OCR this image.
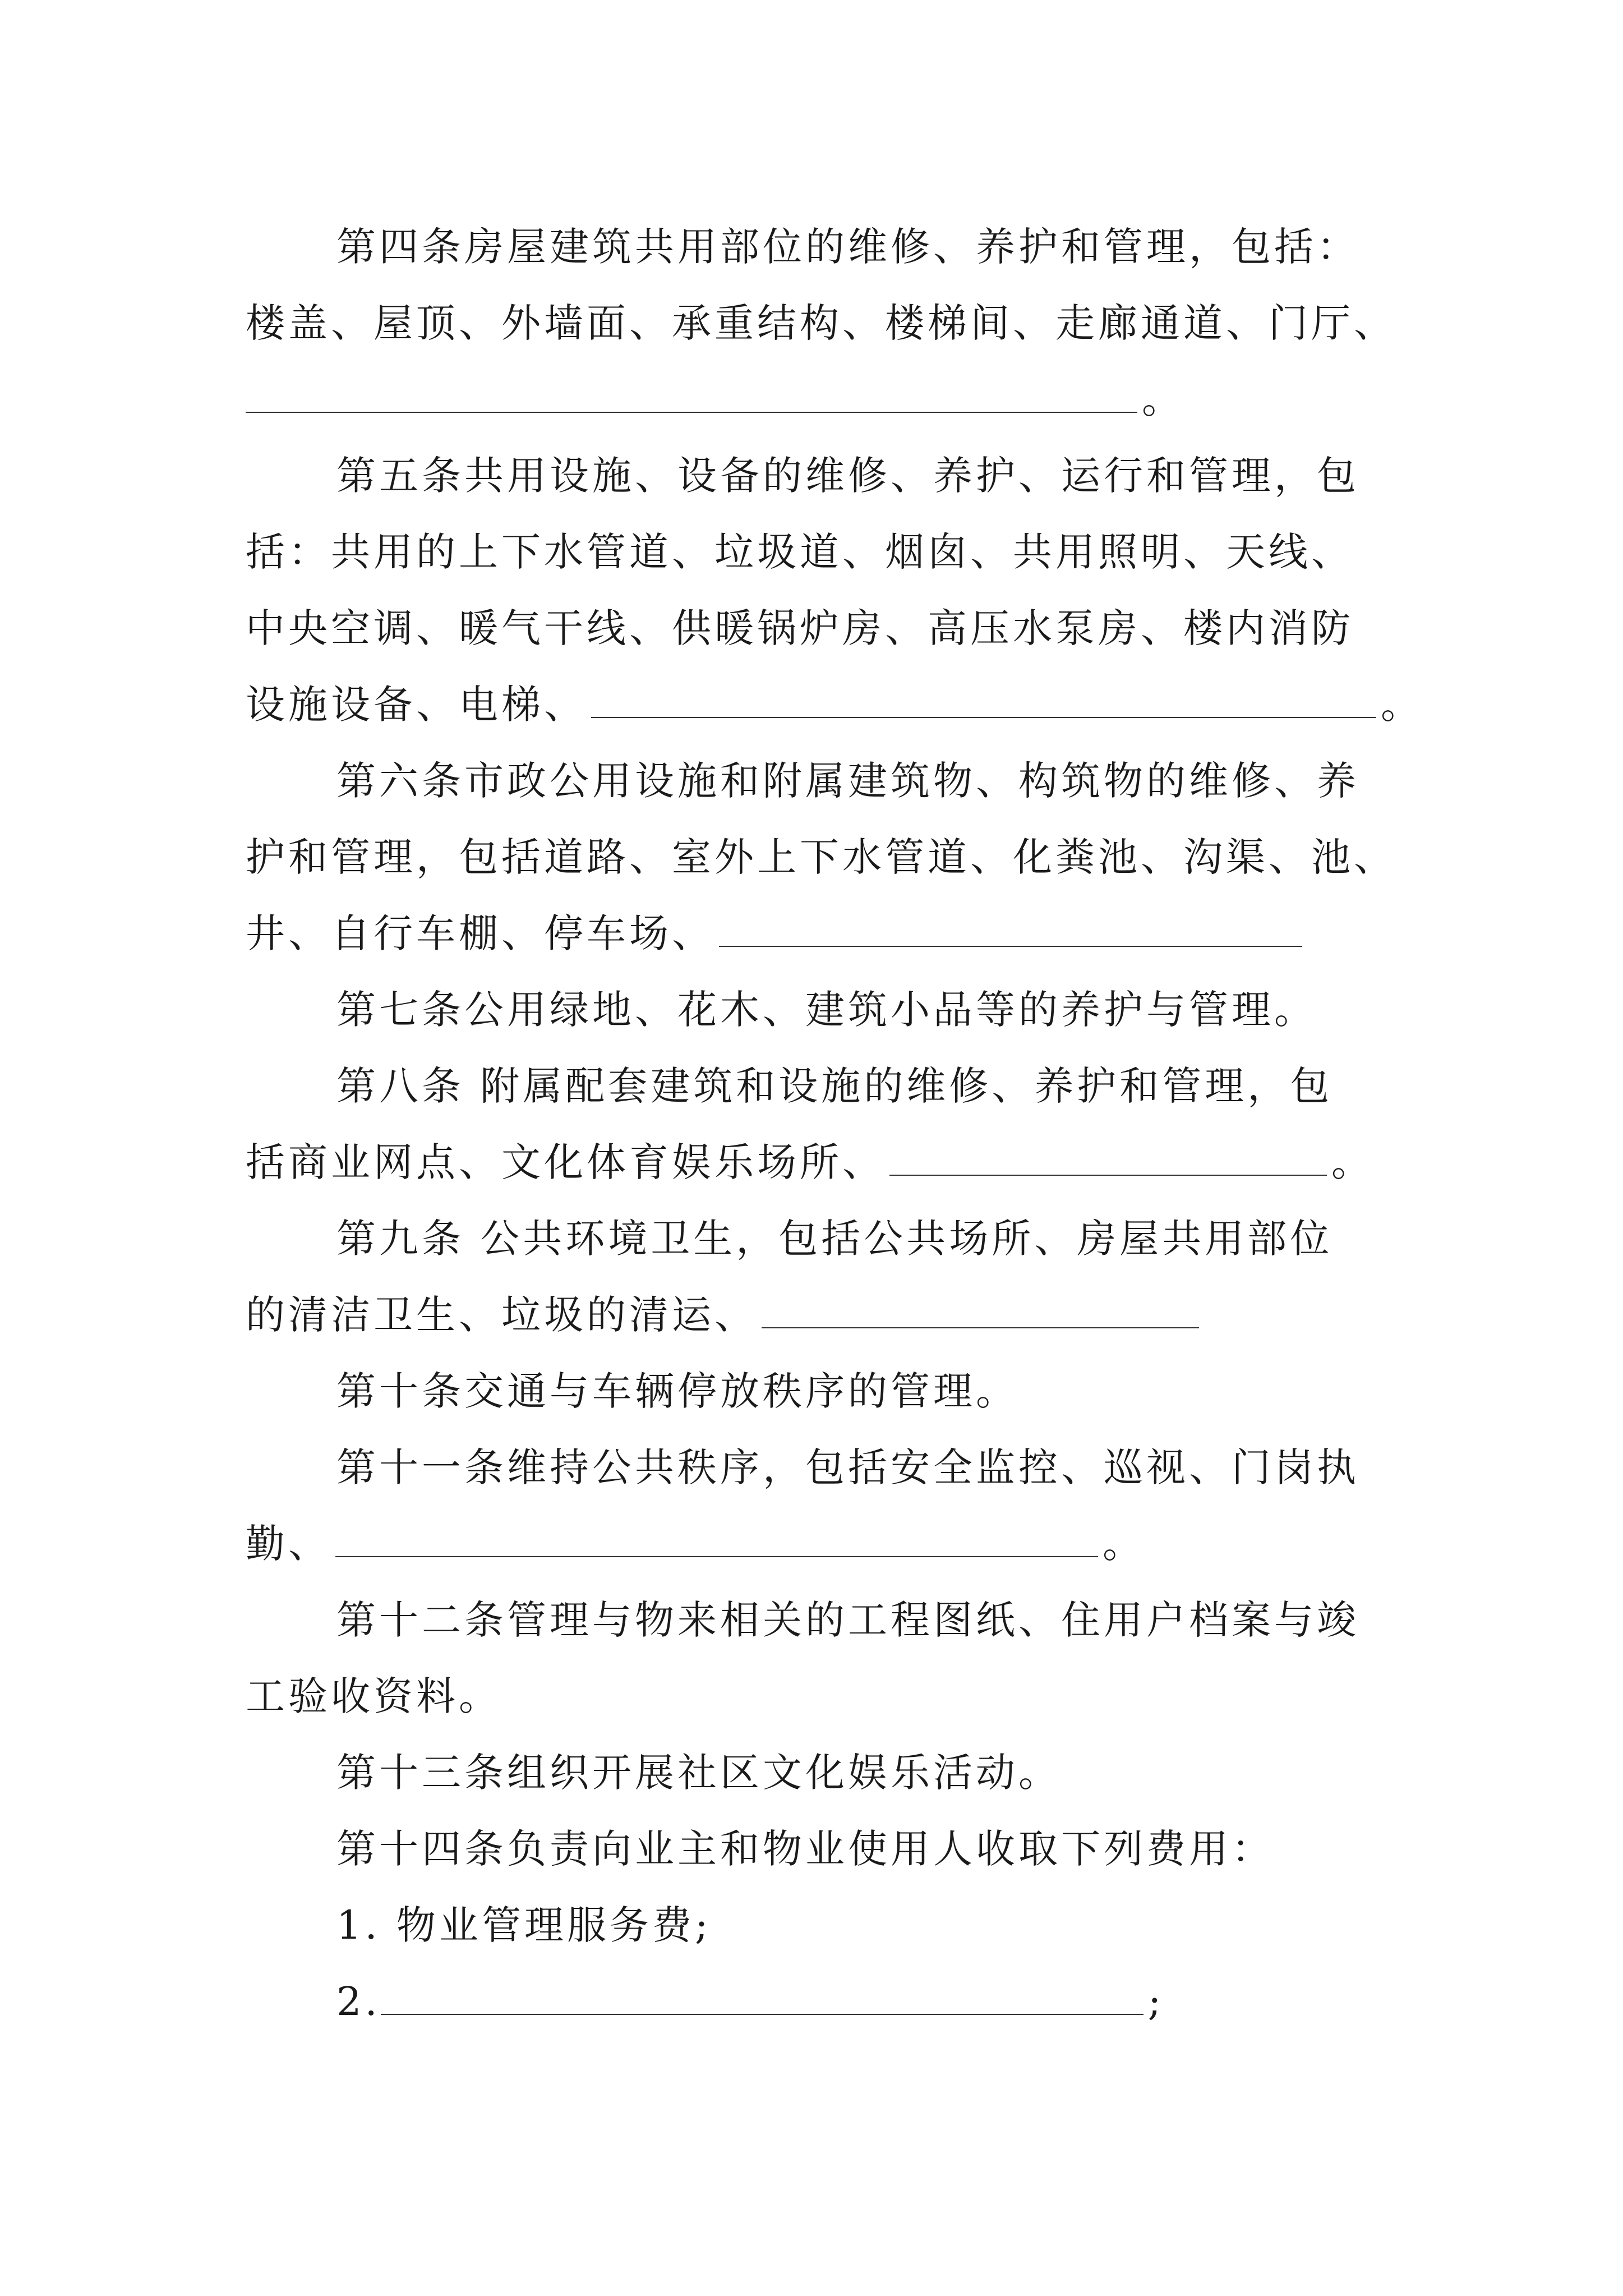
第四条房屋建筑共用部位的维修、养护和管理，包括：
楼盖、屋顶、外墙面、承重结构、楼梯间、走廊通道、门厅、
。
第五条共用设施、设备的维修、养护、运行和管理，包
括：共用的上下水管道、垃圾道、烟囱、共用照明、天线、
中央空调、暖气干线、供暖锅炉房、高压水泵房、楼内消防
设施设备、电梯、	。
第六条市政公用设施和附属建筑物、构筑物的维修、养
护和管理，包括道路、室外上下水管道、化粪池、沟渠、池、
井、自行车棚、停车场、
第七条公用绿地、花木、建筑小品等的养护与管理。
第八条 附属配套建筑和设施的维修、养护和管理，包
括商业网点、文化体育娱乐场所、	。
第九条 公共环境卫生，包括公共场所、房屋共用部位
的清洁卫生、垃圾的清运、
第十条交通与车辆停放秩序的管理。
第十一条维持公共秩序，包括安全监控、巡视、门岗执
勤、	。
第十二条管理与物来相关的工程图纸、住用户档案与竣
工验收资料。
第十三条组织开展社区文化娱乐活动。
第十四条负责向业主和物业使用人收取下列费用：
1. 物业管理服务费;
2.	;
